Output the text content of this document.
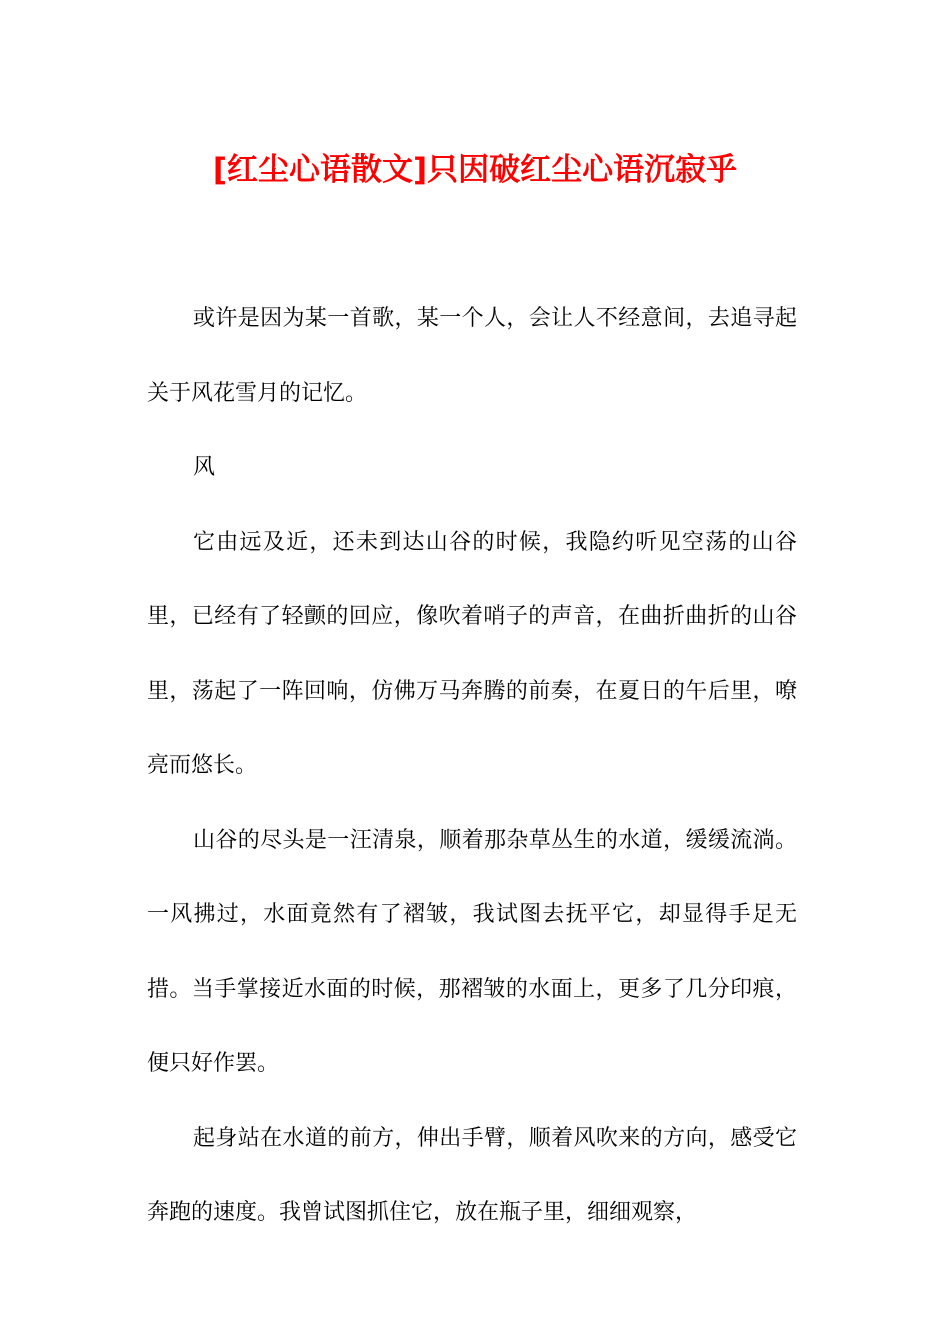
[红尘心语散文]只因破红尘心语沉寂乎

或许是因为某一首歌，某一个人，会让人不经意间，去追寻起关于风花雪月的记忆。

风

它由远及近，还未到达山谷的时候，我隐约听见空荡的山谷里，已经有了轻颤的回应，像吹着哨子的声音，在曲折曲折的山谷里，荡起了一阵回响，仿佛万马奔腾的前奏，在夏日的午后里，嘹亮而悠长。

山谷的尽头是一汪清泉，顺着那杂草丛生的水道，缓缓流淌。一风拂过，水面竟然有了褶皱，我试图去抚平它，却显得手足无措。当手掌接近水面的时候，那褶皱的水面上，更多了几分印痕，便只好作罢。

起身站在水道的前方，伸出手臂，顺着风吹来的方向，感受它奔跑的速度。我曾试图抓住它，放在瓶子里，细细观察，
